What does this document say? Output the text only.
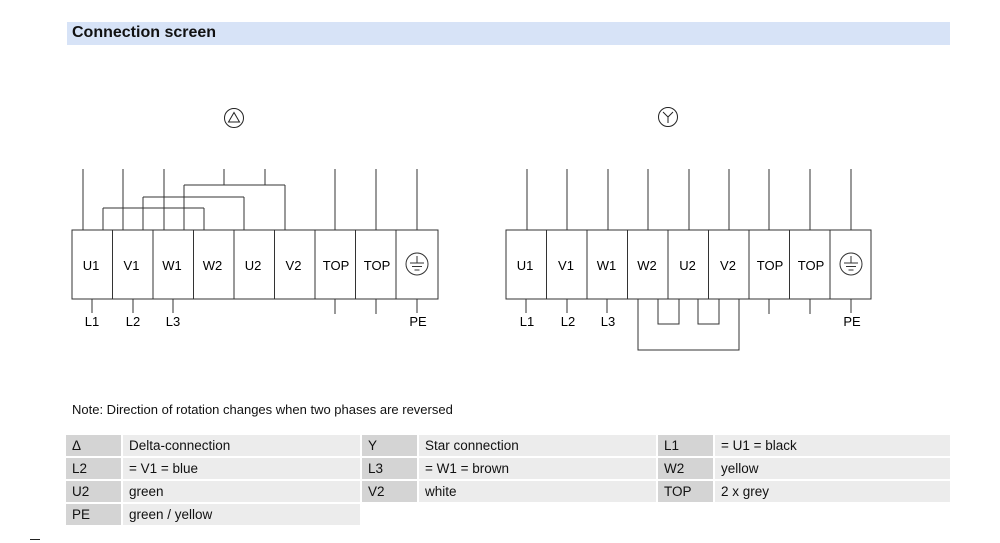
Connection screen
U1 V1 W1 W2 U2 V2 TOP TOP
L1 L2 L3	PE
U1 V1 W1 W2 U2 V2 TOP TOP
L1 L2 L3	PE
Note: Direction of rotation changes when two phases are reversed
Δ	Delta-connection	Y	Star connection	L1	= U1 = black
L2	= V1 = blue	L3	= W1 = brown	W2	yellow
U2	green	V2	white	TOP	2 x grey
PE	green / yellow
